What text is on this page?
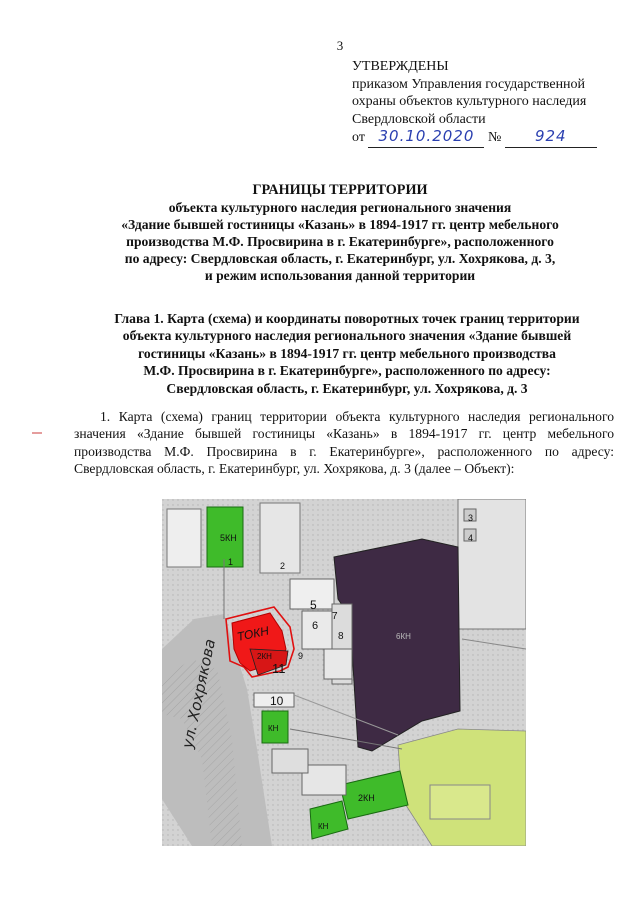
3
УТВЕРЖДЕНЫ
приказом Управления государственной
охраны объектов культурного наследия
Свердловской области
от 30.10.2020 № 924
ГРАНИЦЫ ТЕРРИТОРИИ
объекта культурного наследия регионального значения
«Здание бывшей гостиницы «Казань» в 1894-1917 гг. центр мебельного
производства М.Ф. Просвирина в г. Екатеринбурге», расположенного
по адресу: Свердловская область, г. Екатеринбург, ул. Хохрякова, д. 3,
и режим использования данной территории
Глава 1. Карта (схема) и координаты поворотных точек границ территории
объекта культурного наследия регионального значения «Здание бывшей
гостиницы «Казань» в 1894-1917 гг. центр мебельного производства
М.Ф. Просвирина в г. Екатеринбурге», расположенного по адресу:
Свердловская область, г. Екатеринбург, ул. Хохрякова, д. 3

1. Карта (схема) границ территории объекта культурного наследия регионального значения «Здание бывшей гостиницы «Казань» в 1894-1917 гг. центр мебельного производства М.Ф. Просвирина в г. Екатеринбурге», расположенного по адресу: Свердловская область, г. Екатеринбург, ул. Хохрякова, д. 3 (далее – Объект):

5КН
ТОКН
2КН
11
10
КН
6КН
2КН
КН
5
6
7
8
9
1	2
3
4
ул. Хохрякова
